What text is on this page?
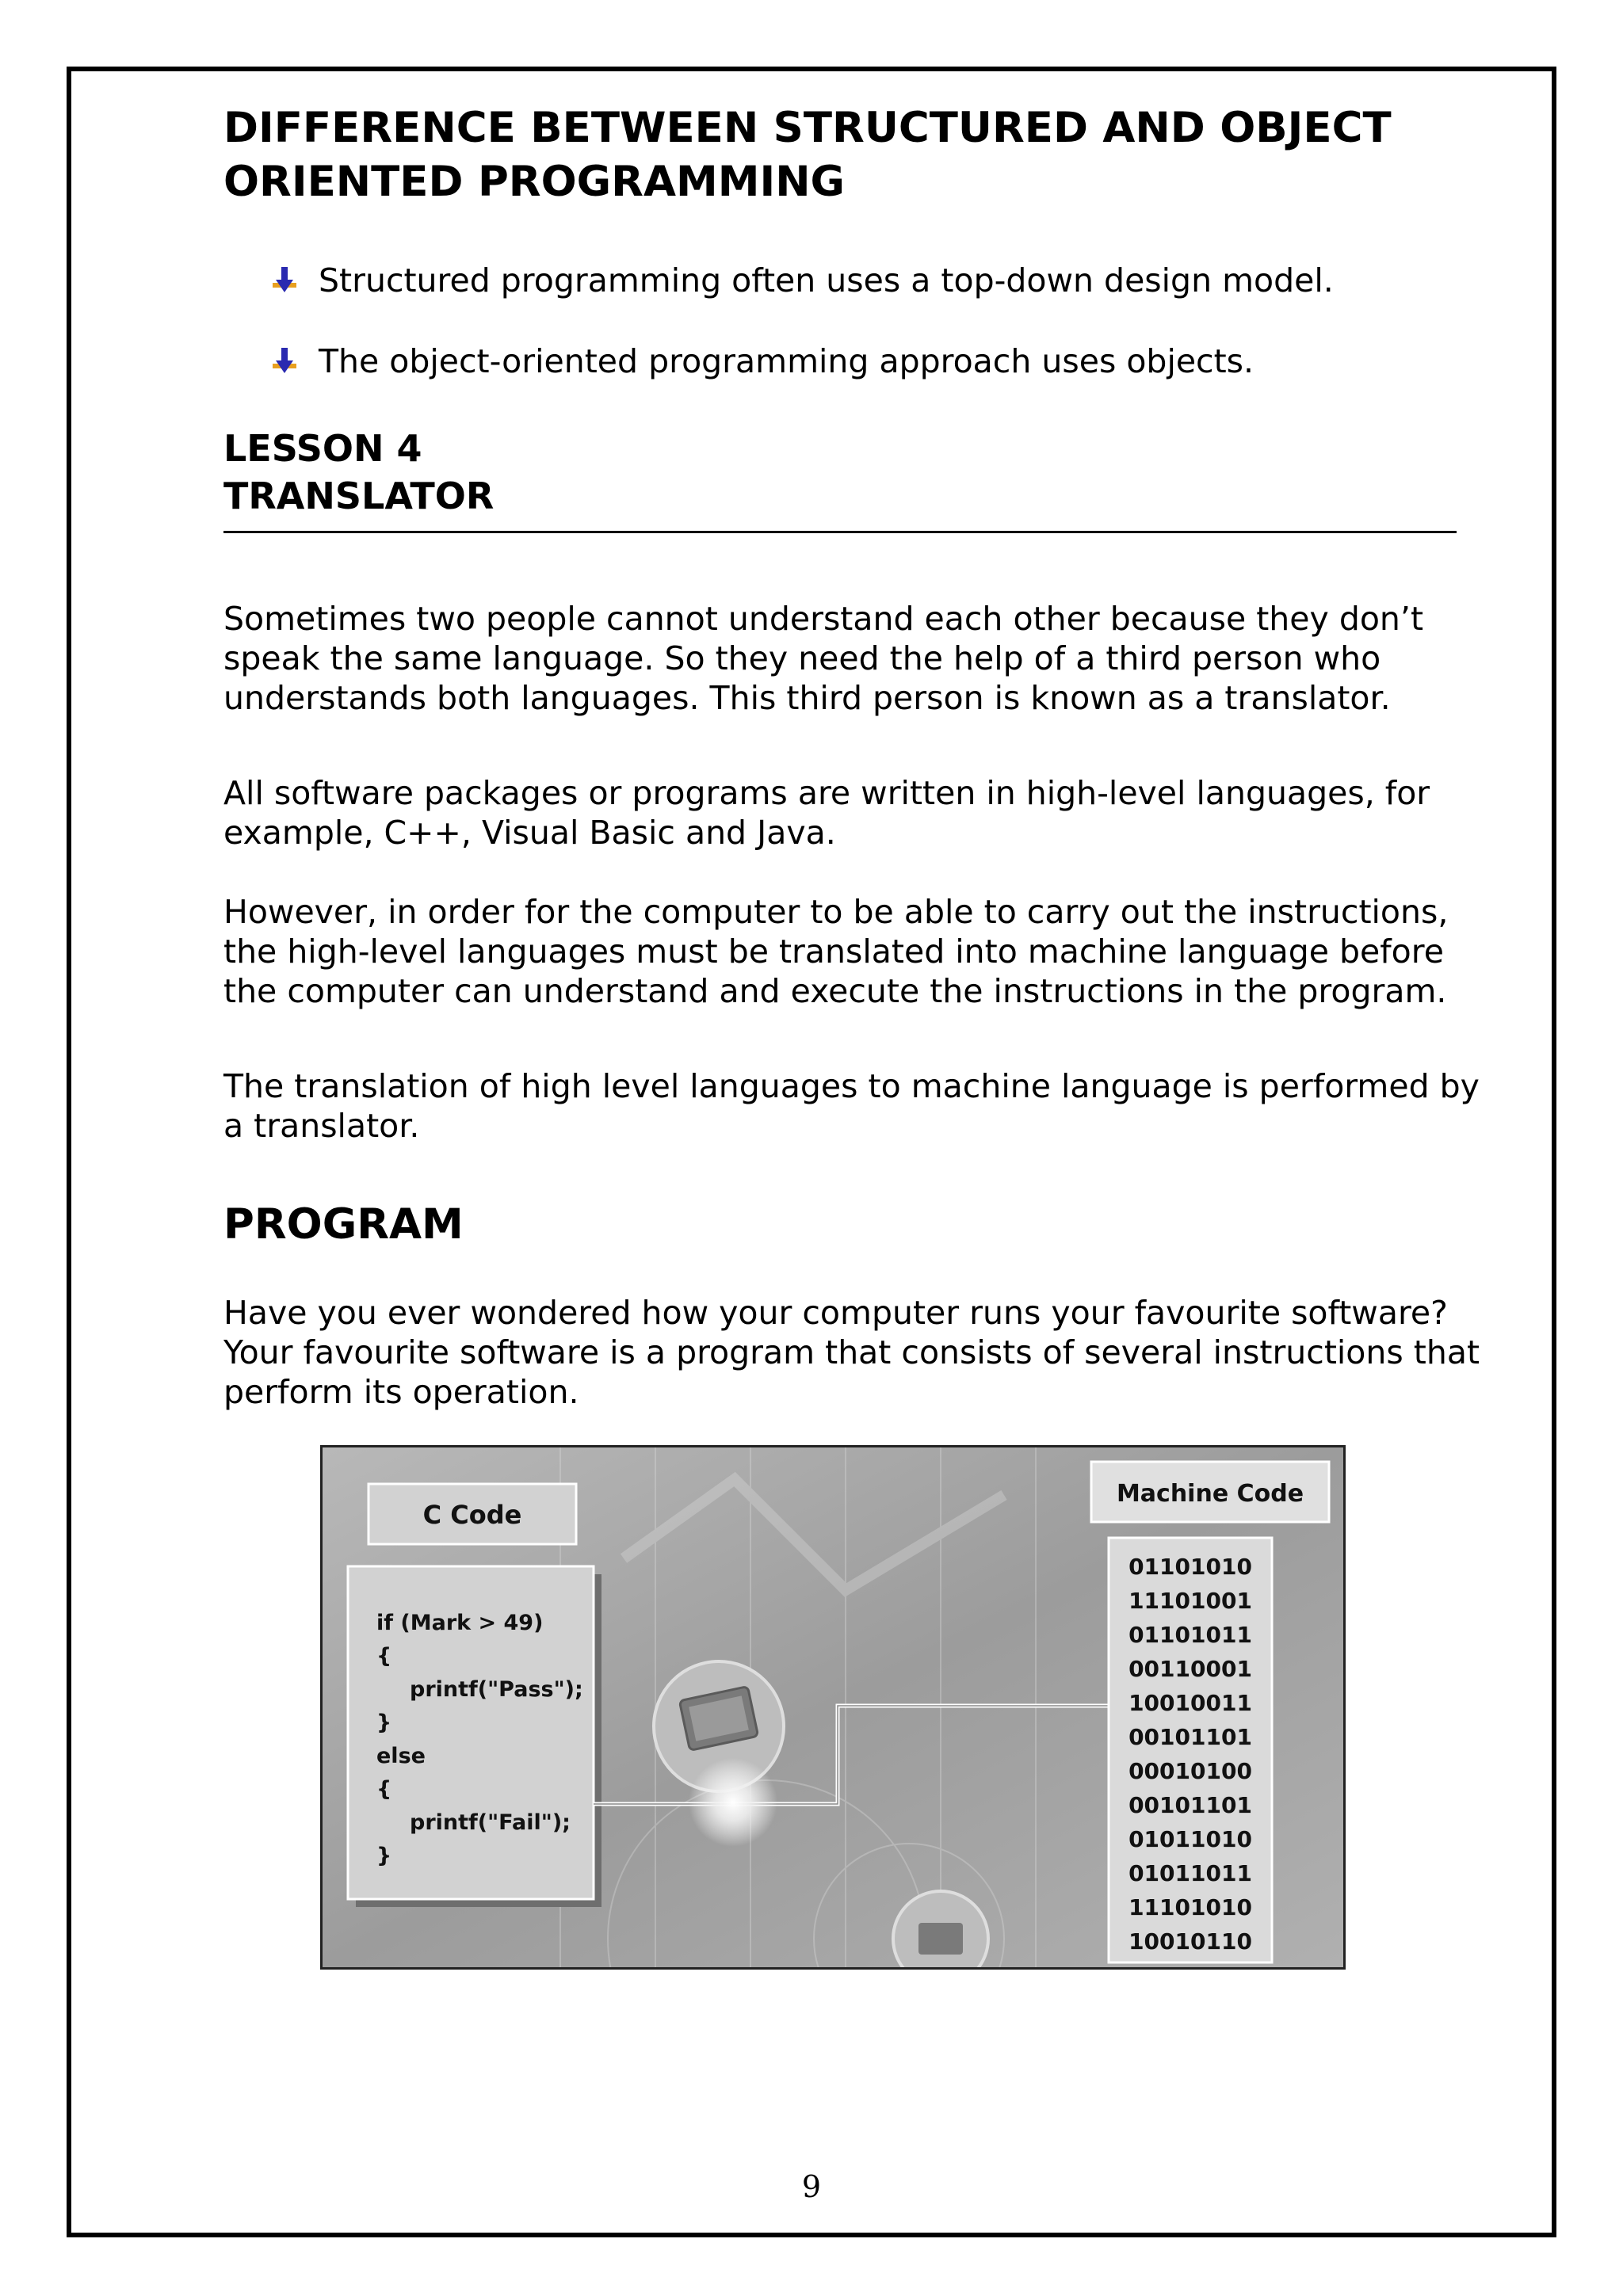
DIFFERENCE BETWEEN STRUCTURED AND OBJECT
ORIENTED PROGRAMMING
Structured programming often uses a top-down design model.
The object-oriented programming approach uses objects.
LESSON 4
TRANSLATOR

Sometimes two people cannot understand each other because they don’t speak the same language. So they need the help of a third person who understands both languages. This third person is known as a translator.

All software packages or programs are written in high-level languages, for example, C++, Visual Basic and Java.

However, in order for the computer to be able to carry out the instructions, the high-level languages must be translated into machine language before the computer can understand and execute the instructions in the program.

The translation of high level languages to machine language is performed by a translator.

PROGRAM

Have you ever wondered how your computer runs your favourite software? Your favourite software is a program that consists of several instructions that perform its operation.

C Code
if (Mark > 49)
{
printf("Pass");
}
else
{
printf("Fail");
}
Machine Code
01101010
11101001
01101011
00110001
10010011
00101101
00010100
00101101
01011010
01011011
11101010
10010110
9
